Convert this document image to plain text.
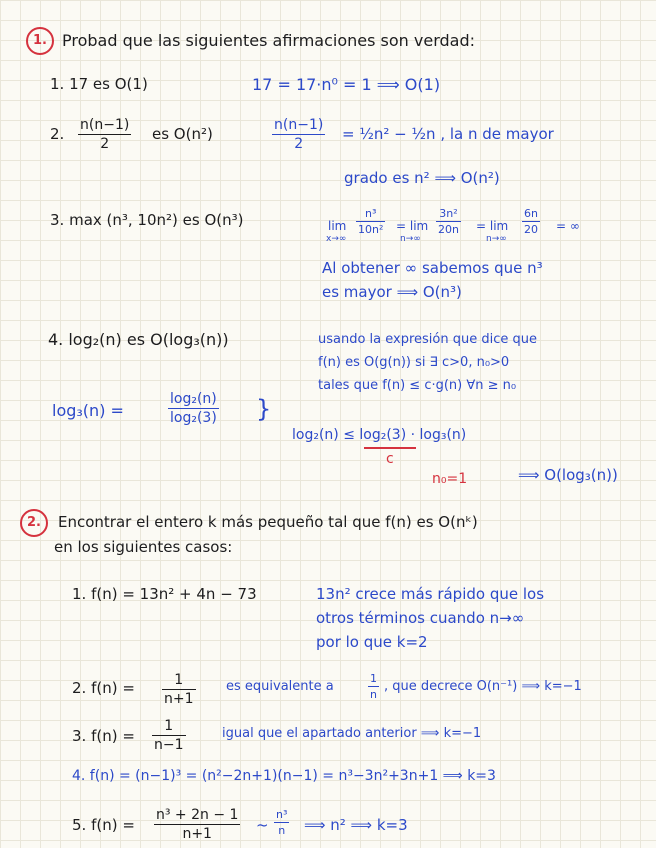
1. Probad que las siguientes afirmaciones son verdad:
1. 17 es O(1)	17 = 17·n⁰ = 1 ⟹ O(1)
2. $\frac{n(n-1)}{2}$ es O(n²)	$\frac{n(n-1)}{2}$ = ½n² − ½n , la n de mayor
grado es n² ⟹ O(n²)
3. max (n³, 10n²) es O(n³)	lim
x→∞
$\frac{\text{n³}}{\text{10n²}} = \lim$
n→∞
$\frac{\text{3n²}}{20n} = \lim$
n→∞
$\frac{6n}{20}$ = ∞
Al obtener ∞ sabemos que n³
es mayor ⟹ O(n³)
4. log₂(n) es O(log₃(n))	usando la expresión que dice que
f(n) es O(g(n)) si ∃ c>0, n₀>0
tales que f(n) ≤ c·g(n) ∀n ≥ n₀
log₃(n) =	$\frac{\text{log₂(n)}}{\text{log₂(3)}}$ }
log₂(n) ≤ log₂(3) · log₃(n)
c
n₀=1	⟹ O(log₃(n))
2.	Encontrar el entero k más pequeño tal que f(n) es O(nᵏ)
en los siguientes casos:
1. f(n) = 13n² + 4n − 73	13n² crece más rápido que los
otros términos cuando n→∞
por lo que k=2
2. $f(n) = \frac{1}{n+1}$ es equivalente a	$\frac{1}{n}$ , que decrece O(n⁻¹) ⟹ k=−1
3. $f(n) = \frac{1}{n-1}$	igual que el apartado anterior ⟹ k=−1
4. f(n) = (n−1)³ = (n²−2n+1)(n−1) = n³−3n²+3n+1 ⟹ k=3
5. $f(n) = \frac{\text{n³ + 2n − 1}}{n+1}$ ~ $\frac{\text{n³}}{n}$ ⟹ n² ⟹ k=3
